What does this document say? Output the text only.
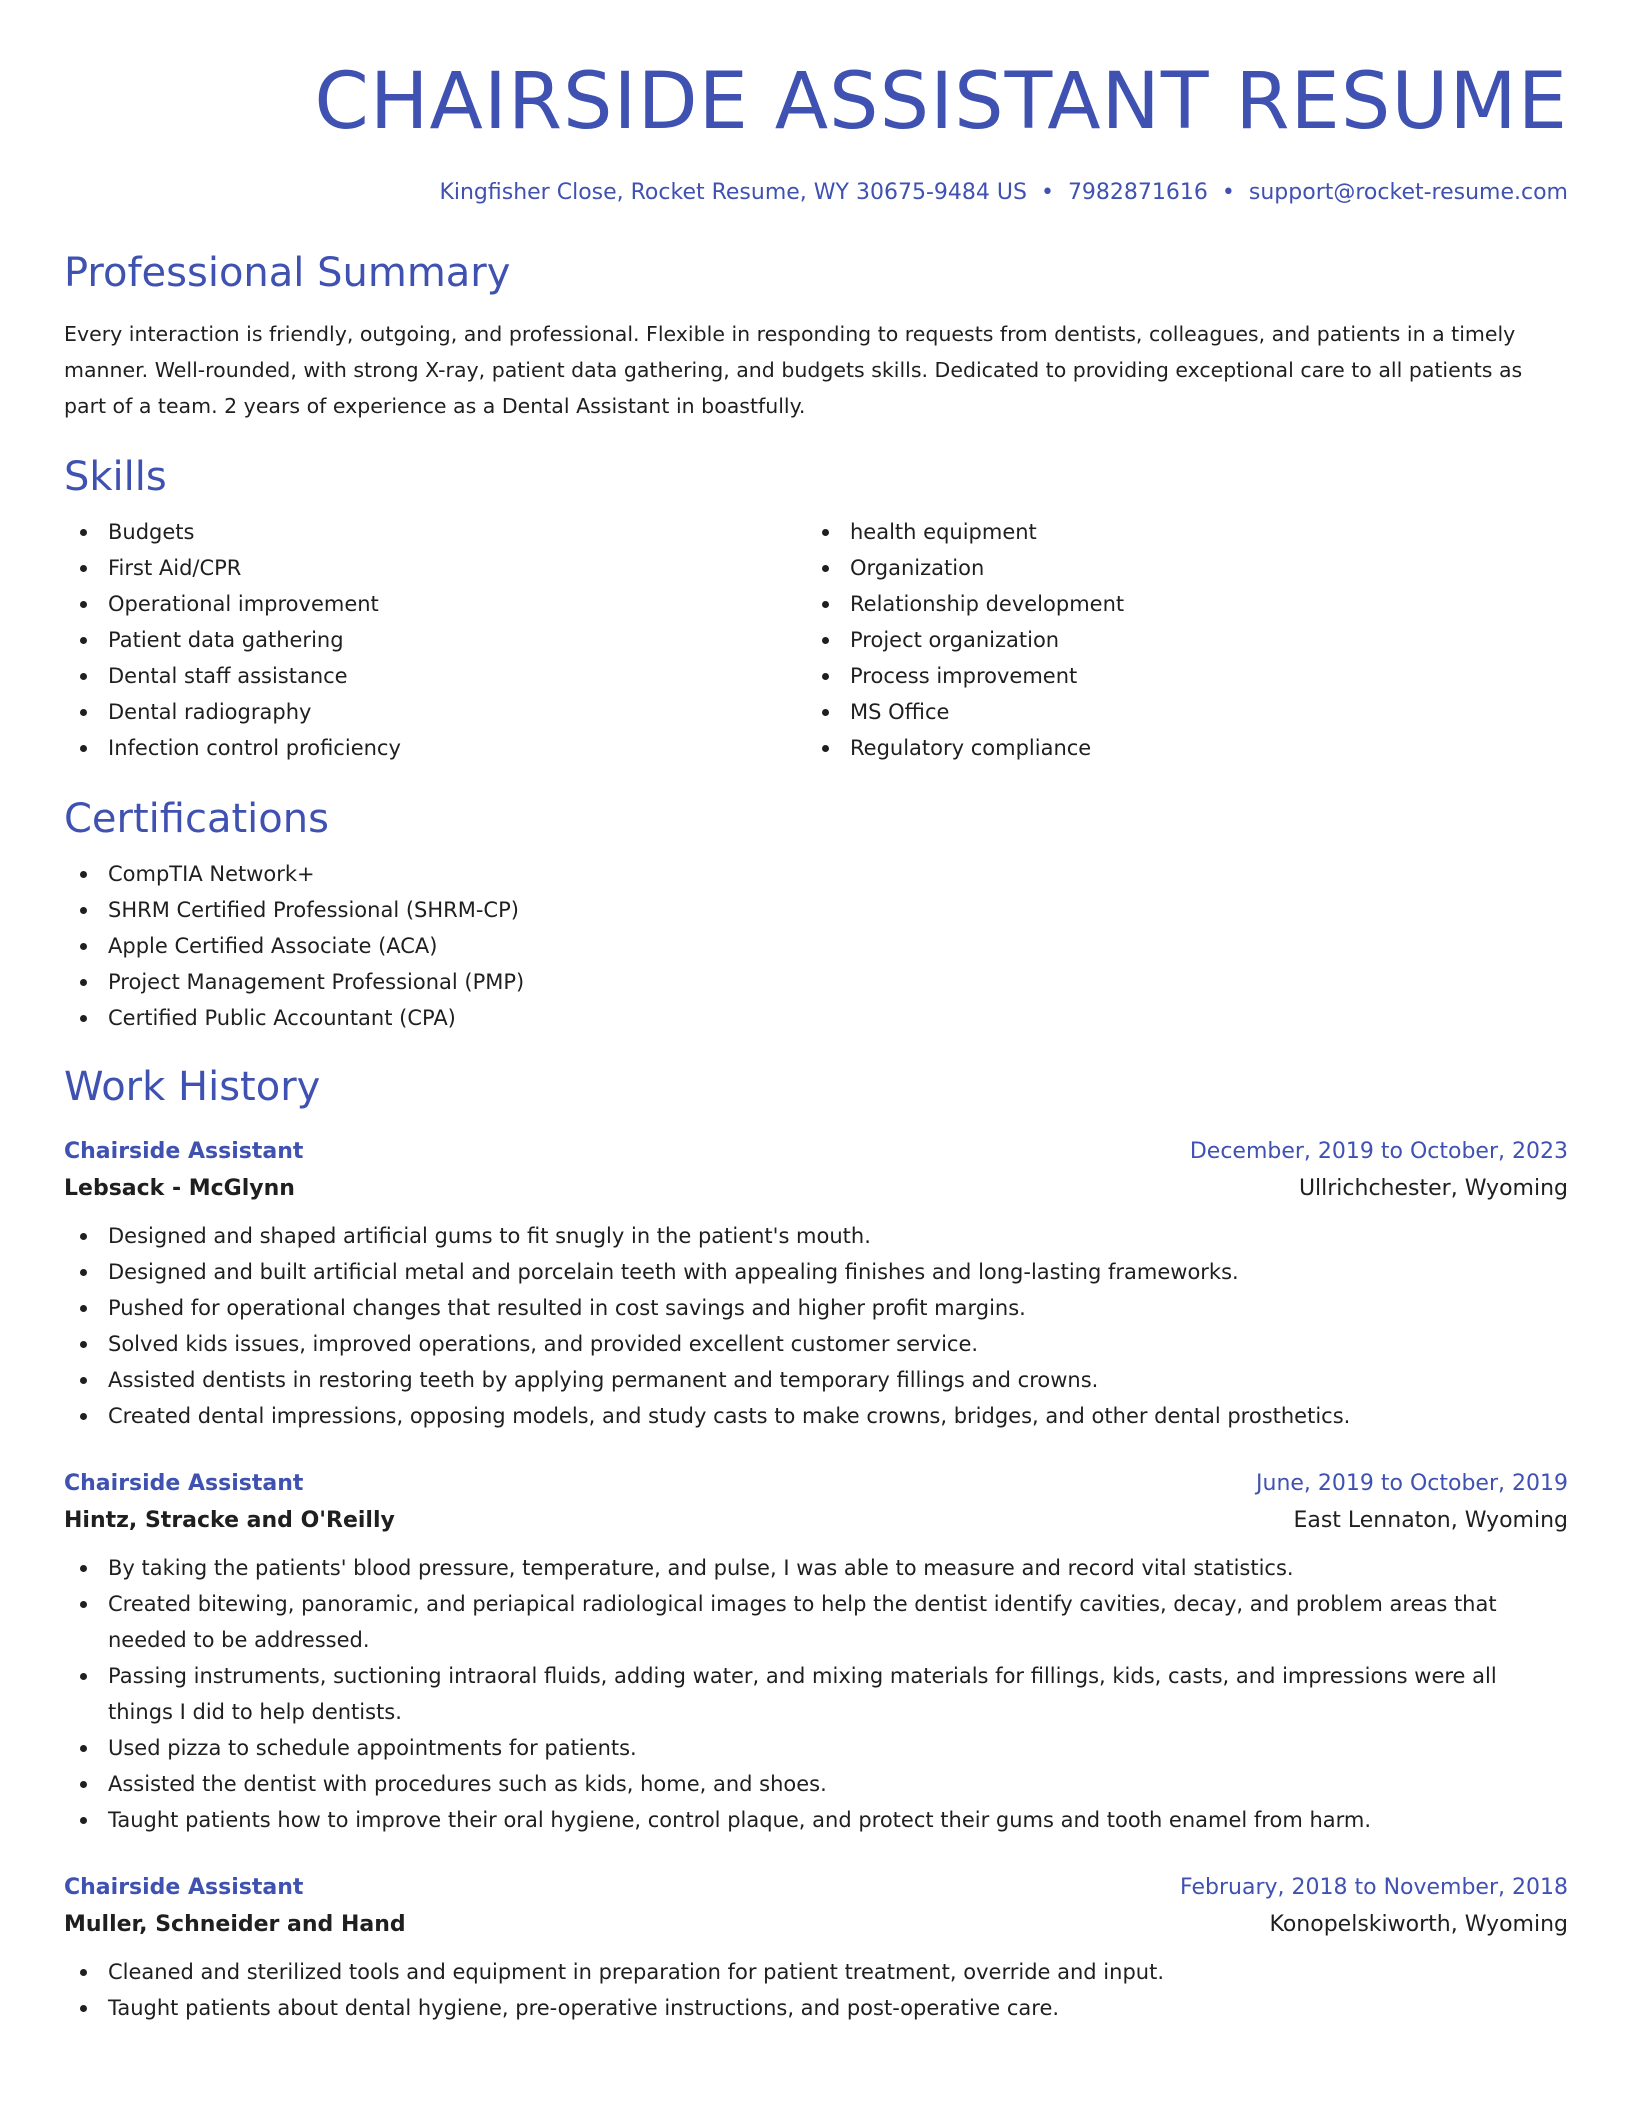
CHAIRSIDE ASSISTANT RESUME
Kingfisher Close, Rocket Resume, WY 30675-9484 US • 7982871616 • support@rocket-resume.com
Professional Summary

Every interaction is friendly, outgoing, and professional. Flexible in responding to requests from dentists, colleagues, and patients in a timely manner. Well-rounded, with strong X-ray, patient data gathering, and budgets skills. Dedicated to providing exceptional care to all patients as part of a team. 2 years of experience as a Dental Assistant in boastfully.

Skills
Budgets
First Aid/CPR
Operational improvement
Patient data gathering
Dental staff assistance
Dental radiography
Infection control proficiency
health equipment
Organization
Relationship development
Project organization
Process improvement
MS Office
Regulatory compliance
Certifications
CompTIA Network+
SHRM Certified Professional (SHRM-CP)
Apple Certified Associate (ACA)
Project Management Professional (PMP)
Certified Public Accountant (CPA)
Work History
Chairside Assistant	December, 2019 to October, 2023
Lebsack - McGlynn	Ullrichchester, Wyoming
Designed and shaped artificial gums to fit snugly in the patient's mouth.
Designed and built artificial metal and porcelain teeth with appealing finishes and long-lasting frameworks.
Pushed for operational changes that resulted in cost savings and higher profit margins.
Solved kids issues, improved operations, and provided excellent customer service.
Assisted dentists in restoring teeth by applying permanent and temporary fillings and crowns.
Created dental impressions, opposing models, and study casts to make crowns, bridges, and other dental prosthetics.
Chairside Assistant	June, 2019 to October, 2019
Hintz, Stracke and O'Reilly	East Lennaton, Wyoming
By taking the patients' blood pressure, temperature, and pulse, I was able to measure and record vital statistics.
Created bitewing, panoramic, and periapical radiological images to help the dentist identify cavities, decay, and problem areas that needed to be addressed.
Passing instruments, suctioning intraoral fluids, adding water, and mixing materials for fillings, kids, casts, and impressions were all things I did to help dentists.
Used pizza to schedule appointments for patients.
Assisted the dentist with procedures such as kids, home, and shoes.
Taught patients how to improve their oral hygiene, control plaque, and protect their gums and tooth enamel from harm.
Chairside Assistant	February, 2018 to November, 2018
Muller, Schneider and Hand	Konopelskiworth, Wyoming
Cleaned and sterilized tools and equipment in preparation for patient treatment, override and input.
Taught patients about dental hygiene, pre-operative instructions, and post-operative care.
